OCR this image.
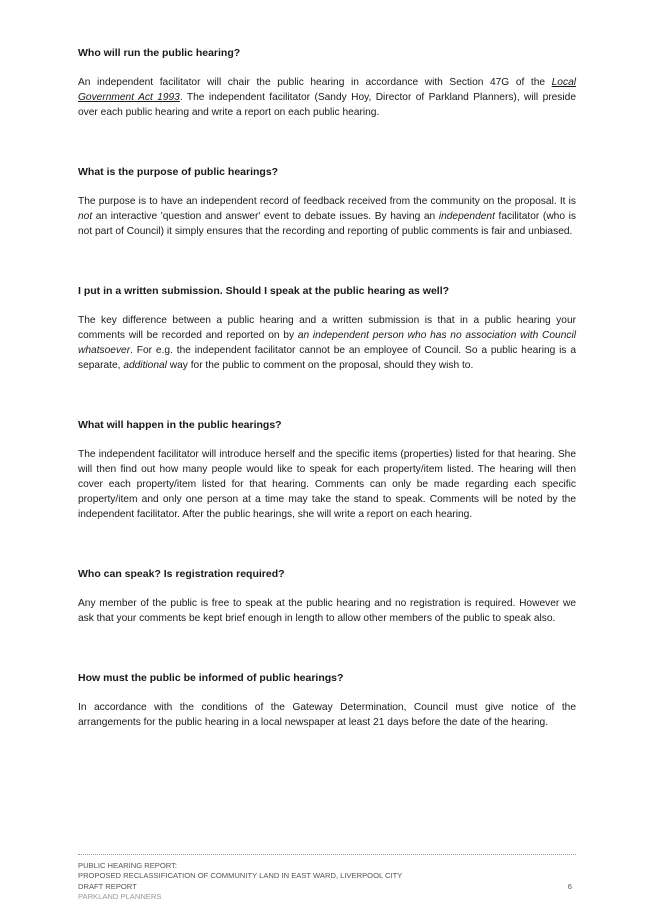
Who will run the public hearing?

An independent facilitator will chair the public hearing in accordance with Section 47G of the Local Government Act 1993. The independent facilitator (Sandy Hoy, Director of Parkland Planners), will preside over each public hearing and write a report on each public hearing.

What is the purpose of public hearings?

The purpose is to have an independent record of feedback received from the community on the proposal. It is not an interactive 'question and answer' event to debate issues. By having an independent facilitator (who is not part of Council) it simply ensures that the recording and reporting of public comments is fair and unbiased.

I put in a written submission. Should I speak at the public hearing as well?

The key difference between a public hearing and a written submission is that in a public hearing your comments will be recorded and reported on by an independent person who has no association with Council whatsoever. For e.g. the independent facilitator cannot be an employee of Council. So a public hearing is a separate, additional way for the public to comment on the proposal, should they wish to.

What will happen in the public hearings?

The independent facilitator will introduce herself and the specific items (properties) listed for that hearing. She will then find out how many people would like to speak for each property/item listed. The hearing will then cover each property/item listed for that hearing. Comments can only be made regarding each specific property/item and only one person at a time may take the stand to speak. Comments will be noted by the independent facilitator. After the public hearings, she will write a report on each hearing.

Who can speak? Is registration required?

Any member of the public is free to speak at the public hearing and no registration is required. However we ask that your comments be kept brief enough in length to allow other members of the public to speak also.

How must the public be informed of public hearings?

In accordance with the conditions of the Gateway Determination, Council must give notice of the arrangements for the public hearing in a local newspaper at least 21 days before the date of the hearing.

PUBLIC HEARING REPORT:
PROPOSED RECLASSIFICATION OF COMMUNITY LAND IN EAST WARD, LIVERPOOL CITY
DRAFT REPORT	6
PARKLAND PLANNERS
